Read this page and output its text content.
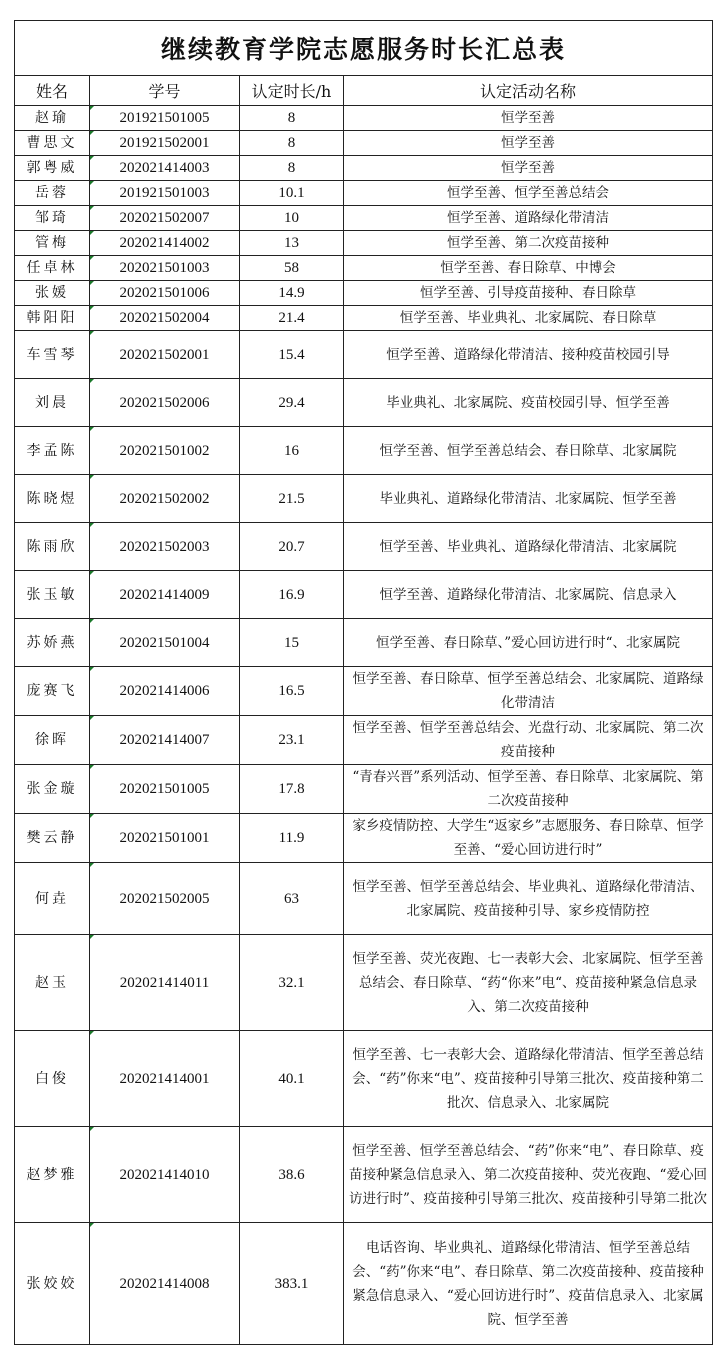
继续教育学院志愿服务时长汇总表			
姓名	学号	认定时长/h	认定活动名称
赵瑜	201921501005	8	恒学至善
曹思文	201921502001	8	恒学至善
郭粤威	202021414003	8	恒学至善
岳蓉	201921501003	10.1	恒学至善、恒学至善总结会
邹琦	202021502007	10	恒学至善、道路绿化带清洁
管梅	202021414002	13	恒学至善、第二次疫苗接种
任卓林	202021501003	58	恒学至善、春日除草、中博会
张媛	202021501006	14.9	恒学至善、引导疫苗接种、春日除草
韩阳阳	202021502004	21.4	恒学至善、毕业典礼、北家属院、春日除草
车雪琴	202021502001	15.4	恒学至善、道路绿化带清洁、接种疫苗校园引导
刘晨	202021502006	29.4	毕业典礼、北家属院、疫苗校园引导、恒学至善
李孟陈	202021501002	16	恒学至善、恒学至善总结会、春日除草、北家属院
陈晓煜	202021502002	21.5	毕业典礼、道路绿化带清洁、北家属院、恒学至善
陈雨欣	202021502003	20.7	恒学至善、毕业典礼、道路绿化带清洁、北家属院
张玉敏	202021414009	16.9	恒学至善、道路绿化带清洁、北家属院、信息录入
苏娇燕	202021501004	15	恒学至善、春日除草、”爱心回访进行时“、北家属院
庞赛飞	202021414006	16.5	恒学至善、春日除草、恒学至善总结会、北家属院、道路绿化带清洁
徐晖	202021414007	23.1	恒学至善、恒学至善总结会、光盘行动、北家属院、第二次疫苗接种
张金璇	202021501005	17.8	“青春兴晋”系列活动、恒学至善、春日除草、北家属院、第二次疫苗接种
樊云静	202021501001	11.9	家乡疫情防控、大学生“返家乡”志愿服务、春日除草、恒学至善、“爱心回访进行时”
何垚	202021502005	63	恒学至善、恒学至善总结会、毕业典礼、道路绿化带清洁、北家属院、疫苗接种引导、家乡疫情防控
赵玉	202021414011	32.1	恒学至善、荧光夜跑、七一表彰大会、北家属院、恒学至善总结会、春日除草、“药“你来”电“、疫苗接种紧急信息录入、第二次疫苗接种
白俊	202021414001	40.1	恒学至善、七一表彰大会、道路绿化带清洁、恒学至善总结会、“药”你来“电”、疫苗接种引导第三批次、疫苗接种第二批次、信息录入、北家属院
赵梦雅	202021414010	38.6	恒学至善、恒学至善总结会、“药”你来“电”、春日除草、疫苗接种紧急信息录入、第二次疫苗接种、荧光夜跑、“爱心回访进行时”、疫苗接种引导第三批次、疫苗接种引导第二批次
张姣姣	202021414008	383.1	电话咨询、毕业典礼、道路绿化带清洁、恒学至善总结会、“药”你来“电”、春日除草、第二次疫苗接种、疫苗接种紧急信息录入、“爱心回访进行时”、疫苗信息录入、北家属院、恒学至善
